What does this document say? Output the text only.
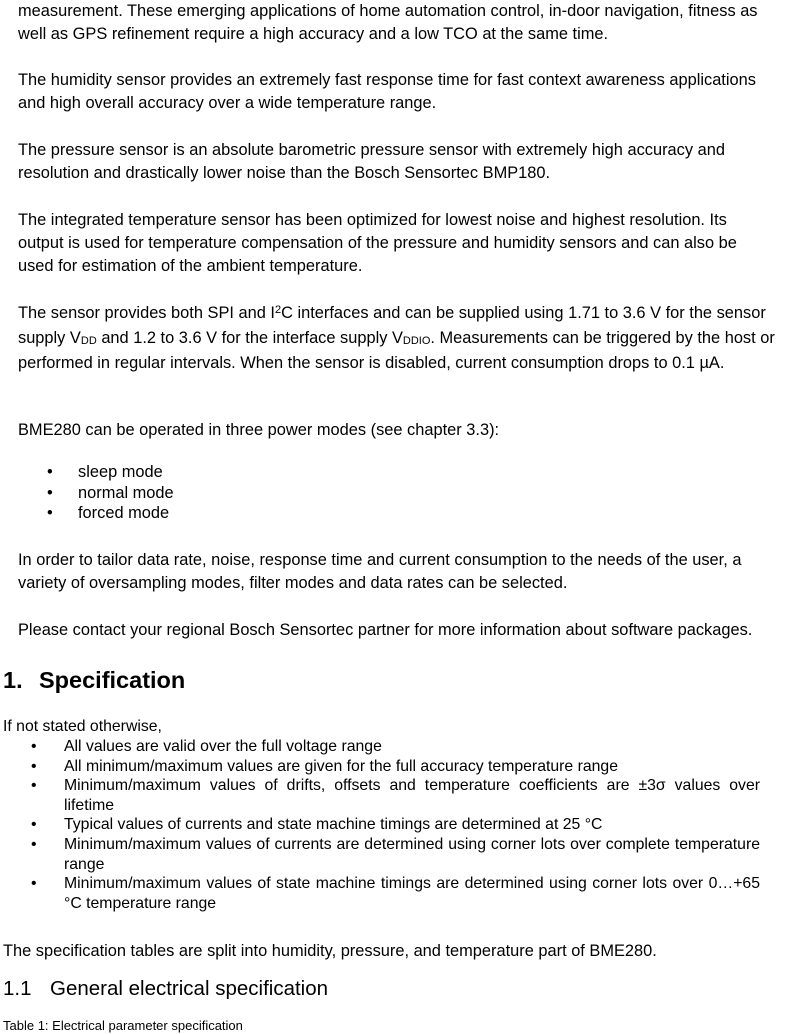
measurement. These emerging applications of home automation control, in-door navigation, fitness as well as GPS refinement require a high accuracy and a low TCO at the same time.

The humidity sensor provides an extremely fast response time for fast context awareness applications and high overall accuracy over a wide temperature range.

The pressure sensor is an absolute barometric pressure sensor with extremely high accuracy and resolution and drastically lower noise than the Bosch Sensortec BMP180.

The integrated temperature sensor has been optimized for lowest noise and highest resolution. Its output is used for temperature compensation of the pressure and humidity sensors and can also be used for estimation of the ambient temperature.

The sensor provides both SPI and $I^2C$ interfaces and can be supplied using 1.71 to 3.6 V for the sensor supply $V_{DD}$ and 1.2 to 3.6 V for the interface supply $V_{DDIO}$. Measurements can be triggered by the host or performed in regular intervals. When the sensor is disabled, current consumption drops to 0.1 µA.

BME280 can be operated in three power modes (see chapter 3.3):

• sleep mode
• normal mode
• forced mode

In order to tailor data rate, noise, response time and current consumption to the needs of the user, a variety of oversampling modes, filter modes and data rates can be selected.

Please contact your regional Bosch Sensortec partner for more information about software packages.

1. Specification

If not stated otherwise,

• All values are valid over the full voltage range
• All minimum/maximum values are given for the full accuracy temperature range
• Minimum/maximum values of drifts, offsets and temperature coefficients are ±3σ values over lifetime
• Typical values of currents and state machine timings are determined at 25 °C
• Minimum/maximum values of currents are determined using corner lots over complete temperature range
• Minimum/maximum values of state machine timings are determined using corner lots over 0…+65 °C temperature range

The specification tables are split into humidity, pressure, and temperature part of BME280.

1.1 General electrical specification

Table 1: Electrical parameter specification
